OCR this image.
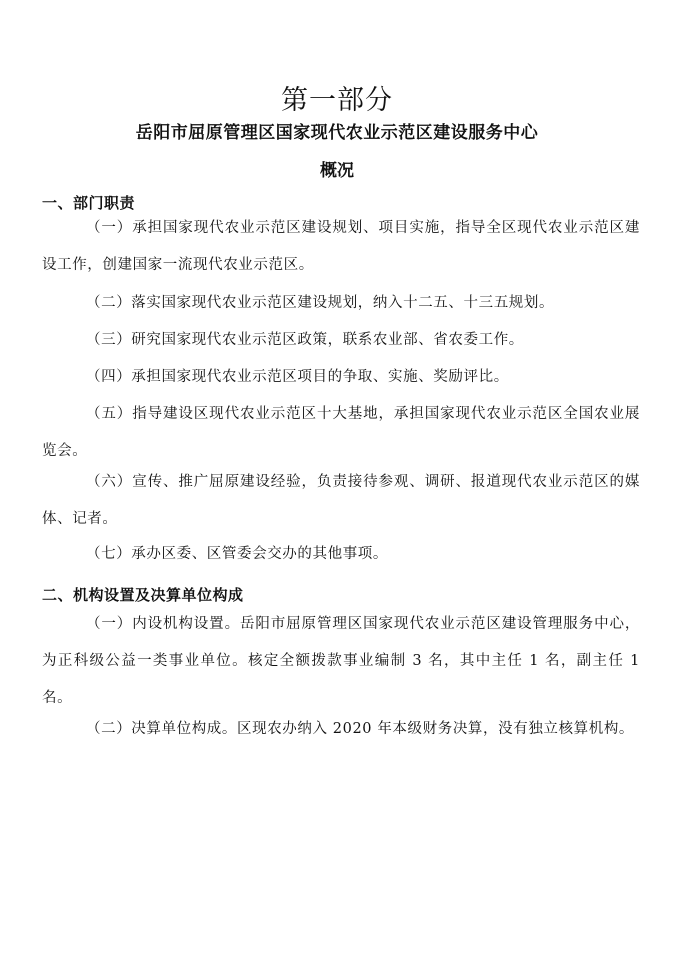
第一部分
岳阳市屈原管理区国家现代农业示范区建设服务中心
概况
一、部门职责

（一）承担国家现代农业示范区建设规划、项目实施，指导全区现代农业示范区建设工作，创建国家一流现代农业示范区。

（二）落实国家现代农业示范区建设规划，纳入十二五、十三五规划。

（三）研究国家现代农业示范区政策，联系农业部、省农委工作。

（四）承担国家现代农业示范区项目的争取、实施、奖励评比。

（五）指导建设区现代农业示范区十大基地，承担国家现代农业示范区全国农业展览会。

（六）宣传、推广屈原建设经验，负责接待参观、调研、报道现代农业示范区的媒体、记者。

（七）承办区委、区管委会交办的其他事项。

二、机构设置及决算单位构成

（一）内设机构设置。岳阳市屈原管理区国家现代农业示范区建设管理服务中心，为正科级公益一类事业单位。核定全额拨款事业编制 3 名，其中主任 1 名，副主任 1 名。

（二）决算单位构成。区现农办纳入 2020 年本级财务决算，没有独立核算机构。
